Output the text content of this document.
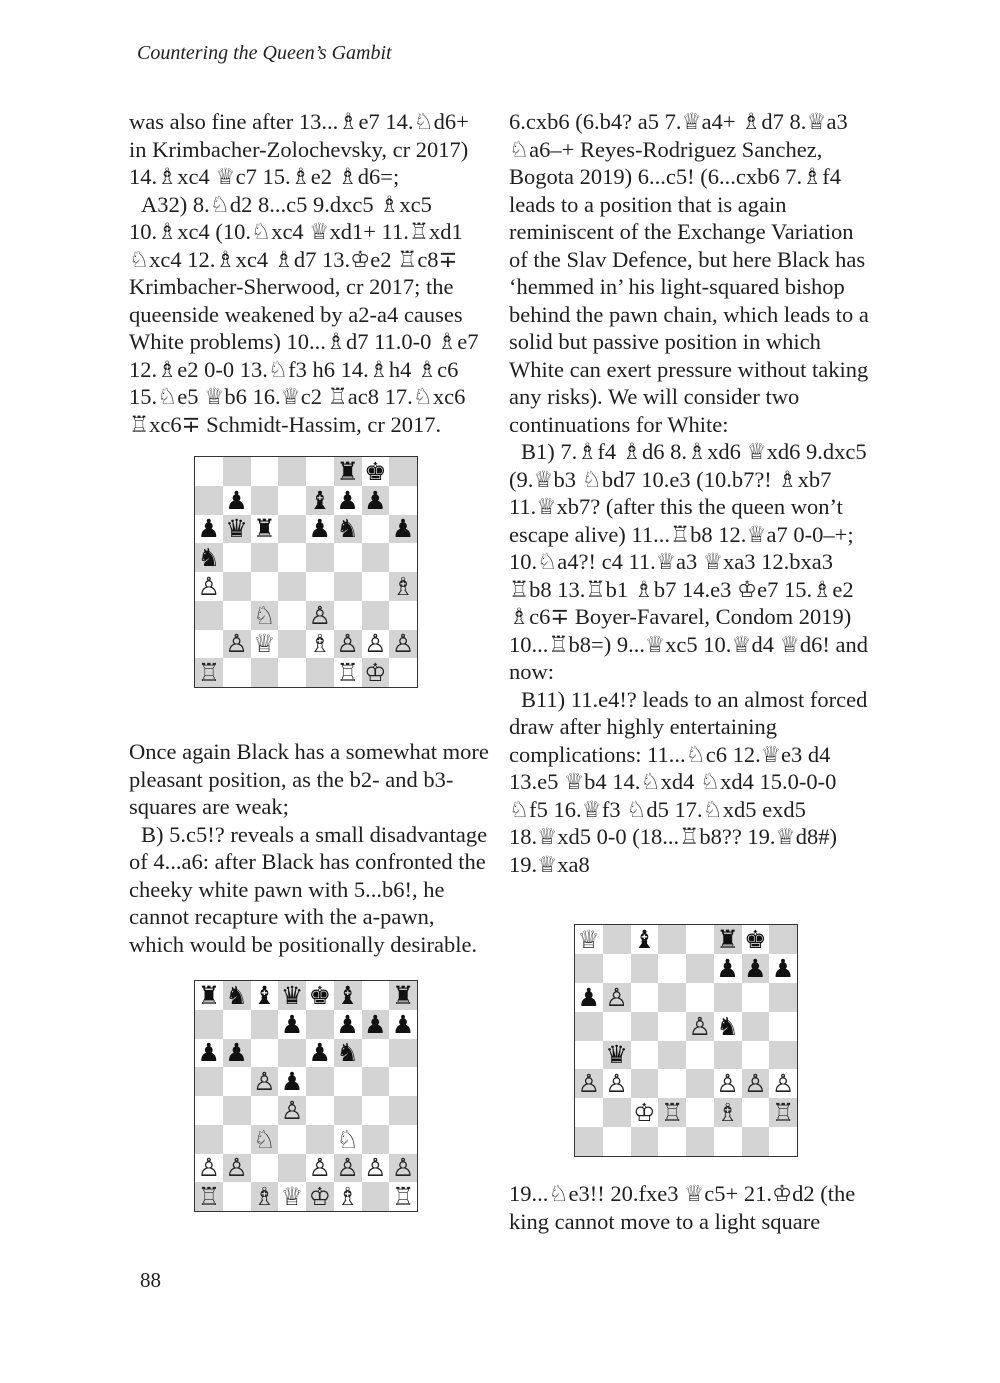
Countering the Queen’s Gambit

was also fine after 13...♗e7 14.♘d6+ in Krimbacher-Zolochevsky, cr 2017) 14.♗xc4 ♕c7 15.♗e2 ♗d6=;

A32) 8.♘d2 8...c5 9.dxc5 ♗xc5 10.♗xc4 (10.♘xc4 ♕xd1+ 11.♖xd1 ♘xc4 12.♗xc4 ♗d7 13.♔e2 ♖c8∓ Krimbacher-Sherwood, cr 2017; the queenside weakened by a2-a4 causes White problems) 10...♗d7 11.0-0 ♗e7 12.♗e2 0-0 13.♘f3 h6 14.♗h4 ♗c6 15.♘e5 ♕b6 16.♕c2 ♖ac8 17.♘xc6 ♖xc6∓ Schmidt-Hassim, cr 2017.

Once again Black has a somewhat more pleasant position, as the b2- and b3-squares are weak;

B) 5.c5!? reveals a small disadvantage of 4...a6: after Black has confronted the cheeky white pawn with 5...b6!, he cannot recapture with the a-pawn, which would be positionally desirable.

6.cxb6 (6.b4? a5 7.♕a4+ ♗d7 8.♕a3 ♘a6–+ Reyes-Rodriguez Sanchez, Bogota 2019) 6...c5! (6...cxb6 7.♗f4 leads to a position that is again reminiscent of the Exchange Variation of the Slav Defence, but here Black has ‘hemmed in’ his light-squared bishop behind the pawn chain, which leads to a solid but passive position in which White can exert pressure without taking any risks). We will consider two continuations for White:

B1) 7.♗f4 ♗d6 8.♗xd6 ♕xd6 9.dxc5 (9.♕b3 ♘bd7 10.e3 (10.b7?! ♗xb7 11.♕xb7? (after this the queen won’t escape alive) 11...♖b8 12.♕a7 0-0–+; 10.♘a4?! c4 11.♕a3 ♕xa3 12.bxa3 ♖b8 13.♖b1 ♗b7 14.e3 ♔e7 15.♗e2 ♗c6∓ Boyer-Favarel, Condom 2019) 10...♖b8=) 9...♕xc5 10.♕d4 ♕d6! and now:

B11) 11.e4!? leads to an almost forced draw after highly entertaining complications: 11...♘c6 12.♕e3 d4 13.e5 ♕b4 14.♘xd4 ♘xd4 15.0-0-0 ♘f5 16.♕f3 ♘d5 17.♘xd5 exd5 18.♕xd5 0-0 (18...♖b8?? 19.♕d8#) 19.♕xa8

19...♘e3!! 20.fxe3 ♕c5+ 21.♔d2 (the king cannot move to a light square

♜ ♚
♟ ♝ ♟ ♟
♟ ♛ ♜ ♟ ♞ ♟
♞
♙	♗
♘ ♙
♙ ♕ ♗ ♙ ♙ ♙
♖	♖ ♔
♜ ♞ ♝ ♛ ♚ ♝ ♜
♟ ♟ ♟ ♟
♟ ♟ ♟ ♞
♙ ♟
♙
♘ ♘
♙ ♙ ♙ ♙ ♙ ♙
♖ ♗ ♕ ♔ ♗ ♖
♕ ♝ ♜ ♚
♟ ♟ ♟
♟ ♙
♙ ♞
♛
♙ ♙	♙ ♙ ♙
♔ ♖ ♗ ♖
88
